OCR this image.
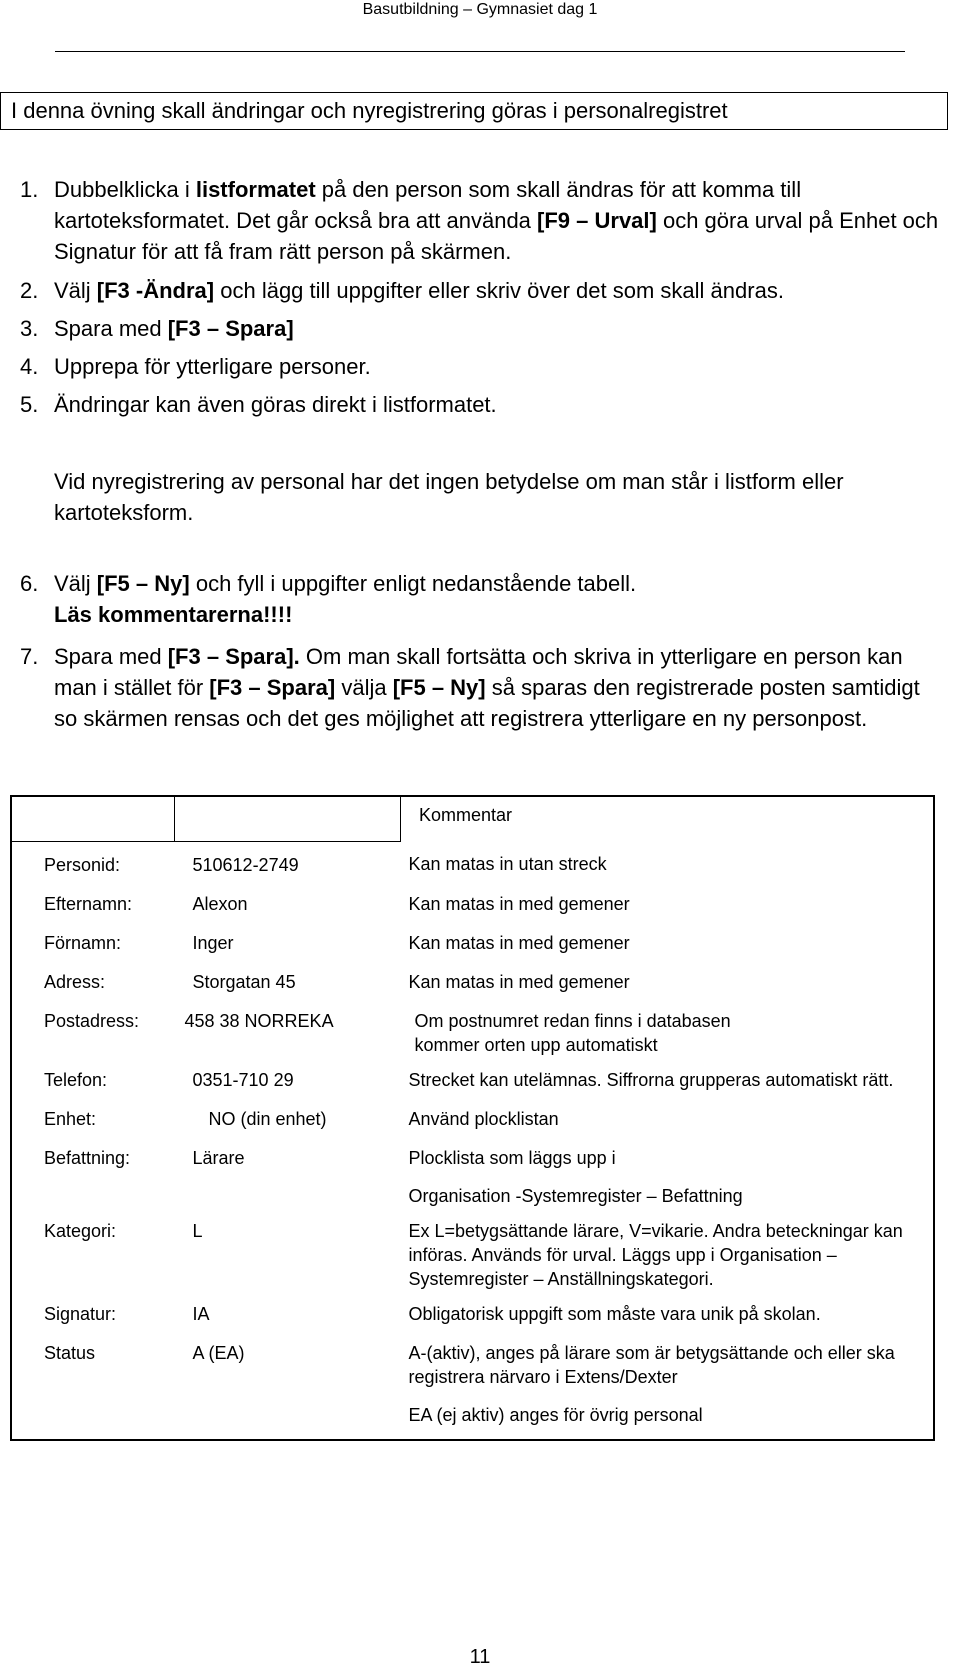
Basutbildning – Gymnasiet dag 1
I denna övning skall ändringar och nyregistrering göras i personalregistret
1. Dubbelklicka i listformatet på den person som skall ändras för att komma till kartoteksformatet. Det går också bra att använda [F9 – Urval] och göra urval på Enhet och Signatur för att få fram rätt person på skärmen.
2. Välj [F3 -Ändra] och lägg till uppgifter eller skriv över det som skall ändras.
3. Spara med [F3 – Spara]
4. Upprepa för ytterligare personer.
5. Ändringar kan även göras direkt i listformatet.
Vid nyregistrering av personal har det ingen betydelse om man står i listform eller kartoteksform.
6. Välj [F5 – Ny] och fyll i uppgifter enligt nedanstående tabell.
Läs kommentarerna!!!!
7. Spara med [F3 – Spara]. Om man skall fortsätta och skriva in ytterligare en person kan man i stället för [F3 – Spara] välja [F5 – Ny] så sparas den registrerade posten samtidigt so skärmen rensas och det ges möjlighet att registrera ytterligare en ny personpost.
		Kommentar
Personid:	510612-2749	Kan matas in utan streck

Efternamn:	Alexon	Kan matas in med gemener

Förnamn:	Inger	Kan matas in med gemener

Adress:	Storgatan 45	Kan matas in med gemener

Postadress:	458 38 NORREKA	Om postnumret redan finns i databasen
kommer orten upp automatiskt

Telefon:	0351-710 29	Strecket kan utelämnas. Siffrorna grupperas automatiskt rätt.

Enhet:	NO (din enhet)	Använd plocklistan

Befattning:	Lärare	Plocklista som läggs upp i
Organisation -Systemregister – Befattning

Kategori:	L	Ex L=betygsättande lärare, V=vikarie. Andra beteckningar kan införas. Används för urval. Läggs upp i Organisation –Systemregister – Anställningskategori.

Signatur:	IA	Obligatorisk uppgift som måste vara unik på skolan.

Status	A (EA)	A-(aktiv), anges på lärare som är betygsättande och eller ska registrera närvaro i Extens/Dexter
EA (ej aktiv) anges för övrig personal
11
